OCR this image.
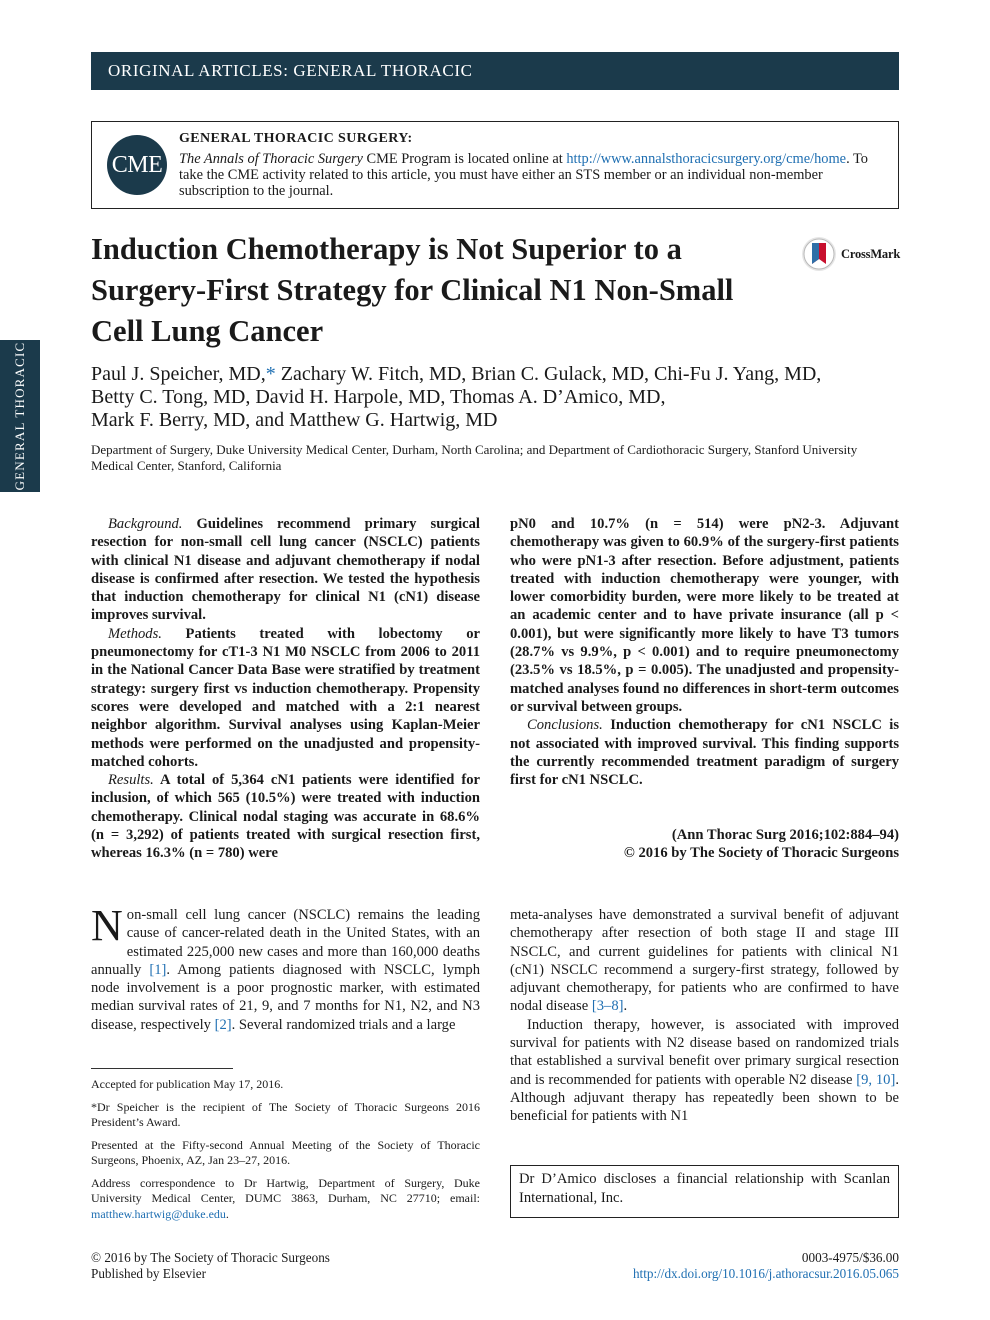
ORIGINAL ARTICLES: GENERAL THORACIC
GENERAL THORACIC
CME
GENERAL THORACIC SURGERY:

The Annals of Thoracic Surgery CME Program is located online at http://www.annalsthoracicsurgery.org/cme/home. To take the CME activity related to this article, you must have either an STS member or an individual non-member subscription to the journal.

Induction Chemotherapy is Not Superior to a Surgery-First Strategy for Clinical N1 Non-Small Cell Lung Cancer
CrossMark

Paul J. Speicher, MD,* Zachary W. Fitch, MD, Brian C. Gulack, MD, Chi-Fu J. Yang, MD,
Betty C. Tong, MD, David H. Harpole, MD, Thomas A. D’Amico, MD,
Mark F. Berry, MD, and Matthew G. Hartwig, MD

Department of Surgery, Duke University Medical Center, Durham, North Carolina; and Department of Cardiothoracic Surgery, Stanford University Medical Center, Stanford, California

Background. Guidelines recommend primary surgical resection for non-small cell lung cancer (NSCLC) patients with clinical N1 disease and adjuvant chemotherapy if nodal disease is confirmed after resection. We tested the hypothesis that induction chemotherapy for clinical N1 (cN1) disease improves survival.

Methods. Patients treated with lobectomy or pneumonectomy for cT1-3 N1 M0 NSCLC from 2006 to 2011 in the National Cancer Data Base were stratified by treatment strategy: surgery first vs induction chemotherapy. Propensity scores were developed and matched with a 2:1 nearest neighbor algorithm. Survival analyses using Kaplan-Meier methods were performed on the unadjusted and propensity-matched cohorts.

Results. A total of 5,364 cN1 patients were identified for inclusion, of which 565 (10.5%) were treated with induction chemotherapy. Clinical nodal staging was accurate in 68.6% (n = 3,292) of patients treated with surgical resection first, whereas 16.3% (n = 780) were

pN0 and 10.7% (n = 514) were pN2-3. Adjuvant chemotherapy was given to 60.9% of the surgery-first patients who were pN1-3 after resection. Before adjustment, patients treated with induction chemotherapy were younger, with lower comorbidity burden, were more likely to be treated at an academic center and to have private insurance (all p < 0.001), but were significantly more likely to have T3 tumors (28.7% vs 9.9%, p < 0.001) and to require pneumonectomy (23.5% vs 18.5%, p = 0.005). The unadjusted and propensity-matched analyses found no differences in short-term outcomes or survival between groups.

Conclusions. Induction chemotherapy for cN1 NSCLC is not associated with improved survival. This finding supports the currently recommended treatment paradigm of surgery first for cN1 NSCLC.

(Ann Thorac Surg 2016;102:884–94)
© 2016 by The Society of Thoracic Surgeons

Non-small cell lung cancer (NSCLC) remains the leading cause of cancer-related death in the United States, with an estimated 225,000 new cases and more than 160,000 deaths annually [1]. Among patients diagnosed with NSCLC, lymph node involvement is a poor prognostic marker, with estimated median survival rates of 21, 9, and 7 months for N1, N2, and N3 disease, respectively [2]. Several randomized trials and a large

meta-analyses have demonstrated a survival benefit of adjuvant chemotherapy after resection of both stage II and stage III NSCLC, and current guidelines for patients with clinical N1 (cN1) NSCLC recommend a surgery-first strategy, followed by adjuvant chemotherapy, for patients who are confirmed to have nodal disease [3–8].

Induction therapy, however, is associated with improved survival for patients with N2 disease based on randomized trials that established a survival benefit over primary surgical resection and is recommended for patients with operable N2 disease [9, 10]. Although adjuvant therapy has repeatedly been shown to be beneficial for patients with N1

Accepted for publication May 17, 2016.

*Dr Speicher is the recipient of The Society of Thoracic Surgeons 2016 President’s Award.

Presented at the Fifty-second Annual Meeting of the Society of Thoracic Surgeons, Phoenix, AZ, Jan 23–27, 2016.

Address correspondence to Dr Hartwig, Department of Surgery, Duke University Medical Center, DUMC 3863, Durham, NC 27710; email: matthew.hartwig@duke.edu.

Dr D’Amico discloses a financial relationship with Scanlan International, Inc.
© 2016 by The Society of Thoracic Surgeons
Published by Elsevier
0003-4975/$36.00
http://dx.doi.org/10.1016/j.athoracsur.2016.05.065
